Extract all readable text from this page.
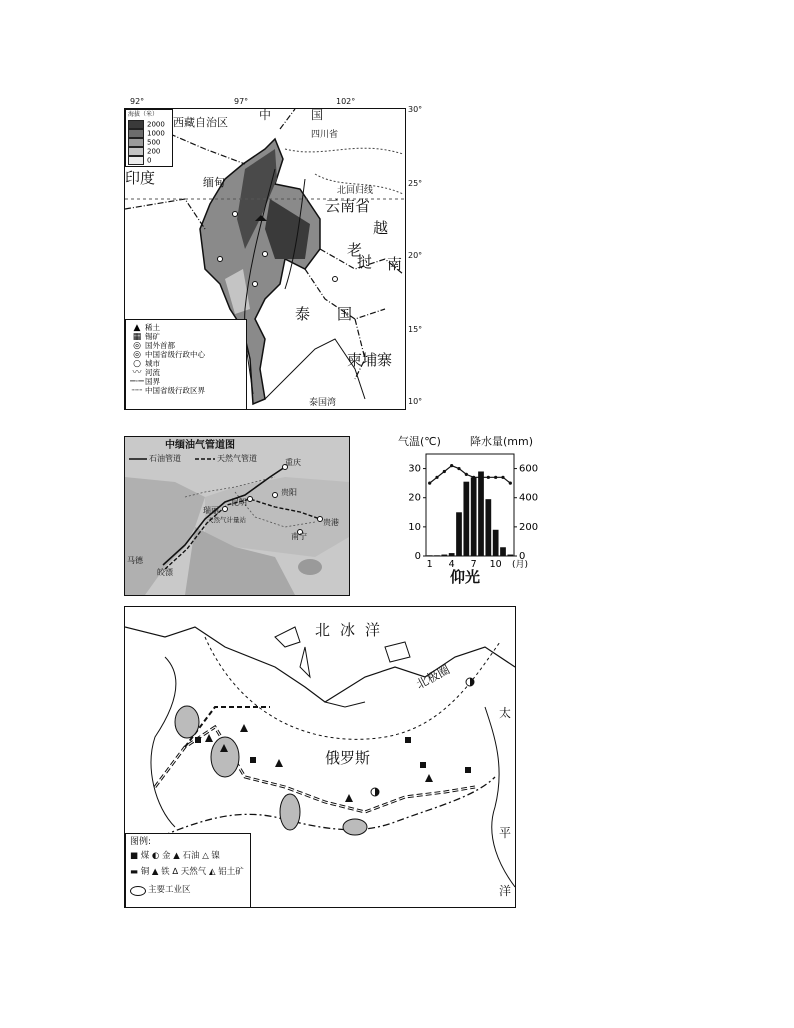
海拔（米）
2000
1000
500
200
0
中	国
西藏自治区
四川省
云南省
印度	缅甸
老
挝
越
南
泰 国
柬埔寨
泰国湾
北回归线
▲ 稀土
▦ 锡矿
◎ 国外首都
◎ 中国省级行政中心
○ 城市
〰 河流
─·─国界
┈┈ 中国省级行政区界
92°	97°	102°
30°
25°
20°
15°
10°
中缅油气管道图
石油管道	天然气管道	重庆
贵阳
昆明
瑞丽
南宁
贵港
马德
皎漂
天然气计量站
气温(℃)	降水量(mm)
30
20
10
0
600
400
200
0
1 4 7 10 (月)
仰光
北冰洋
北极圈
俄罗斯
太
平
洋
图例:
■ 煤 ◐ 金 ▲ 石油 △ 镍
▬ 铜 ▲ 铁 ∆ 天然气 ◭ 铝土矿
主要工业区
